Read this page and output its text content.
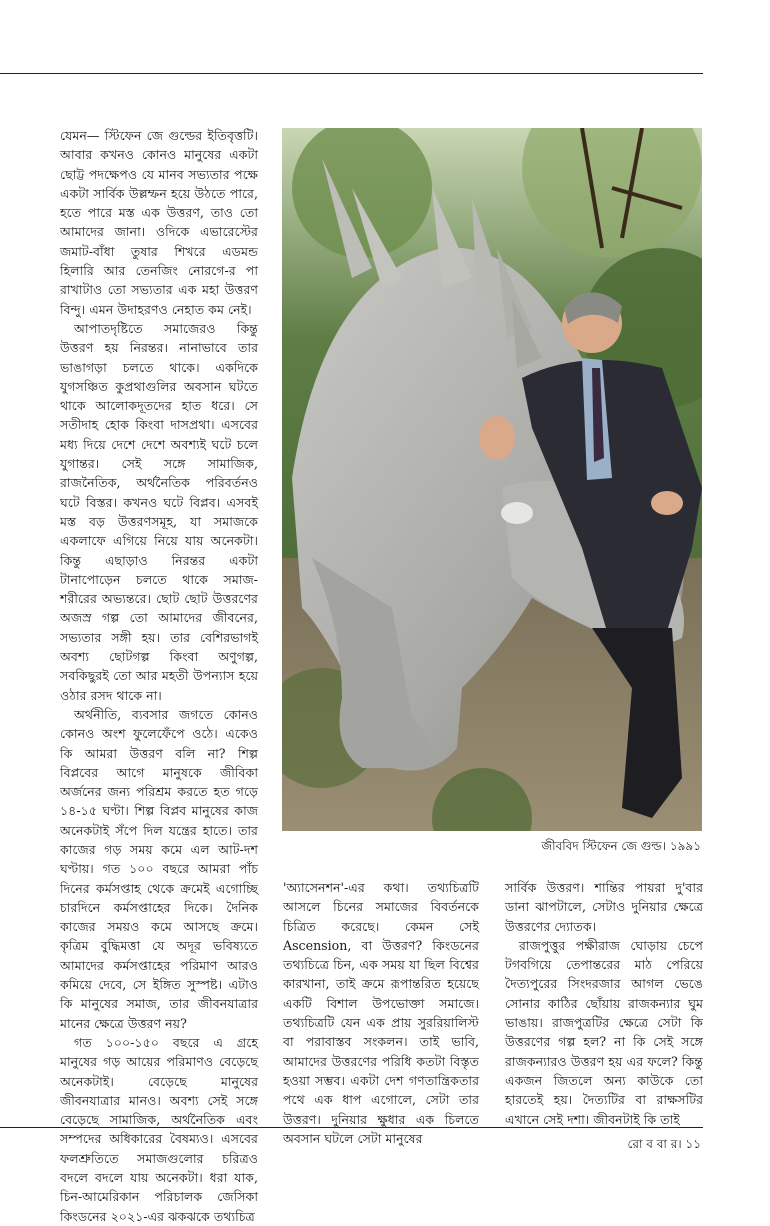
যেমন— স্টিফেন জে গুল্ডের ইতিবৃত্তটি। আবার কখনও কোনও মানুষের একটা ছোট্ট পদক্ষেপও যে মানব সভ্যতার পক্ষে একটা সার্বিক উল্লম্ফন হয়ে উঠতে পারে, হতে পারে মস্ত এক উত্তরণ, তাও তো আমাদের জানা। ওদিকে এভারেস্টের জমাট-বাঁধা তুষার শিখরে এডমন্ড হিলারি আর তেনজিং নোরগে-র পা রাখাটাও তো সভ্যতার এক মহা উত্তরণ বিন্দু। এমন উদাহরণও নেহাত কম নেই।

আপাতদৃষ্টিতে সমাজেরও কিন্তু উত্তরণ হয় নিরন্তর। নানাভাবে তার ভাঙাগড়া চলতে থাকে। একদিকে যুগসঞ্চিত কুপ্রথাগুলির অবসান ঘটতে থাকে আলোকদূতদের হাত ধরে। সে সতীদাহ হোক কিংবা দাসপ্রথা। এসবের মধ্য দিয়ে দেশে দেশে অবশ্যই ঘটে চলে যুগান্তর। সেই সঙ্গে সামাজিক, রাজনৈতিক, অর্থনৈতিক পরিবর্তনও ঘটে বিস্তর। কখনও ঘটে বিপ্লব। এসবই মস্ত বড় উত্তরণসমূহ, যা সমাজকে একলাফে এগিয়ে নিয়ে যায় অনেকটা। কিন্তু এছাড়াও নিরন্তর একটা টানাপোড়েন চলতে থাকে সমাজ-শরীরের অভ্যন্তরে। ছোট ছোট উত্তরণের অজস্র গল্প তো আমাদের জীবনের, সভ্যতার সঙ্গী হয়। তার বেশিরভাগই অবশ্য ছোটগল্প কিংবা অণুগল্প, সবকিছুরই তো আর মহতী উপন্যাস হয়ে ওঠার রসদ থাকে না।

অর্থনীতি, ব্যবসার জগতে কোনও কোনও অংশ ফুলেফেঁপে ওঠে। একেও কি আমরা উত্তরণ বলি না? শিল্প বিপ্লবের আগে মানুষকে জীবিকা অর্জনের জন্য পরিশ্রম করতে হত গড়ে ১৪-১৫ ঘণ্টা। শিল্প বিপ্লব মানুষের কাজ অনেকটাই সঁপে দিল যন্ত্রের হাতে। তার কাজের গড় সময় কমে এল আট-দশ ঘণ্টায়। গত ১০০ বছরে আমরা পাঁচ দিনের কর্মসপ্তাহ থেকে ক্রমেই এগোচ্ছি চারদিনে কর্মসপ্তাহের দিকে। দৈনিক কাজের সময়ও কমে আসছে ক্রমে। কৃত্রিম বুদ্ধিমত্তা যে অদূর ভবিষ্যতে আমাদের কর্মসপ্তাহের পরিমাণ আরও কমিয়ে দেবে, সে ইঙ্গিত সুস্পষ্ট। এটাও কি মানুষের সমাজ, তার জীবনযাত্রার মানের ক্ষেত্রে উত্তরণ নয়?

গত ১০০-১৫০ বছরে এ গ্রহে মানুষের গড় আয়ের পরিমাণও বেড়েছে অনেকটাই। বেড়েছে মানুষের জীবনযাত্রার মানও। অবশ্য সেই সঙ্গে বেড়েছে সামাজিক, অর্থনৈতিক এবং সম্পদের অধিকারের বৈষম্যও। এসবের ফলশ্রুতিতে সমাজগুলোর চরিত্রও বদলে বদলে যায় অনেকটা। ধরা যাক, চিন-আমেরিকান পরিচালক জেসিকা কিংডনের ২০২১-এর ঝকঝকে তথ্যচিত্র

জীববিদ স্টিফেন জে গুল্ড। ১৯৯১

'অ্যাসেনশন'-এর কথা। তথ্যচিত্রটি আসলে চিনের সমাজের বিবর্তনকে চিত্রিত করেছে। কেমন সেই Ascension, বা উত্তরণ? কিংডনের তথ্যচিত্রে চিন, এক সময় যা ছিল বিশ্বের কারখানা, তাই ক্রমে রূপান্তরিত হয়েছে একটি বিশাল উপভোক্তা সমাজে। তথ্যচিত্রটি যেন এক প্রায় সুররিয়ালিস্ট বা পরাবাস্তব সংকলন। তাই ভাবি, আমাদের উত্তরণের পরিধি কতটা বিস্তৃত হওয়া সম্ভব। একটা দেশ গণতান্ত্রিকতার পথে এক ধাপ এগোলে, সেটা তার উত্তরণ। দুনিয়ার ক্ষুধার এক চিলতে অবসান ঘটলে সেটা মানুষের

সার্বিক উত্তরণ। শান্তির পায়রা দু'বার ডানা ঝাপটালে, সেটাও দুনিয়ার ক্ষেত্রে উত্তরণের দ্যোতক।

রাজপুত্তুর পক্ষীরাজ ঘোড়ায় চেপে টগবগিয়ে তেপান্তরের মাঠ পেরিয়ে দৈত্যপুরের সিংদরজার আগল ভেঙে সোনার কাঠির ছোঁয়ায় রাজকন্যার ঘুম ভাঙায়। রাজপুত্রটির ক্ষেত্রে সেটা কি উত্তরণের গল্প হল? না কি সেই সঙ্গে রাজকন্যারও উত্তরণ হয় এর ফলে? কিন্তু একজন জিতলে অন্য কাউকে তো হারতেই হয়। দৈত্যটির বা রাক্ষসটির এখানে সেই দশা। জীবনটাই কি তাই

রো ব বা র। ১১
